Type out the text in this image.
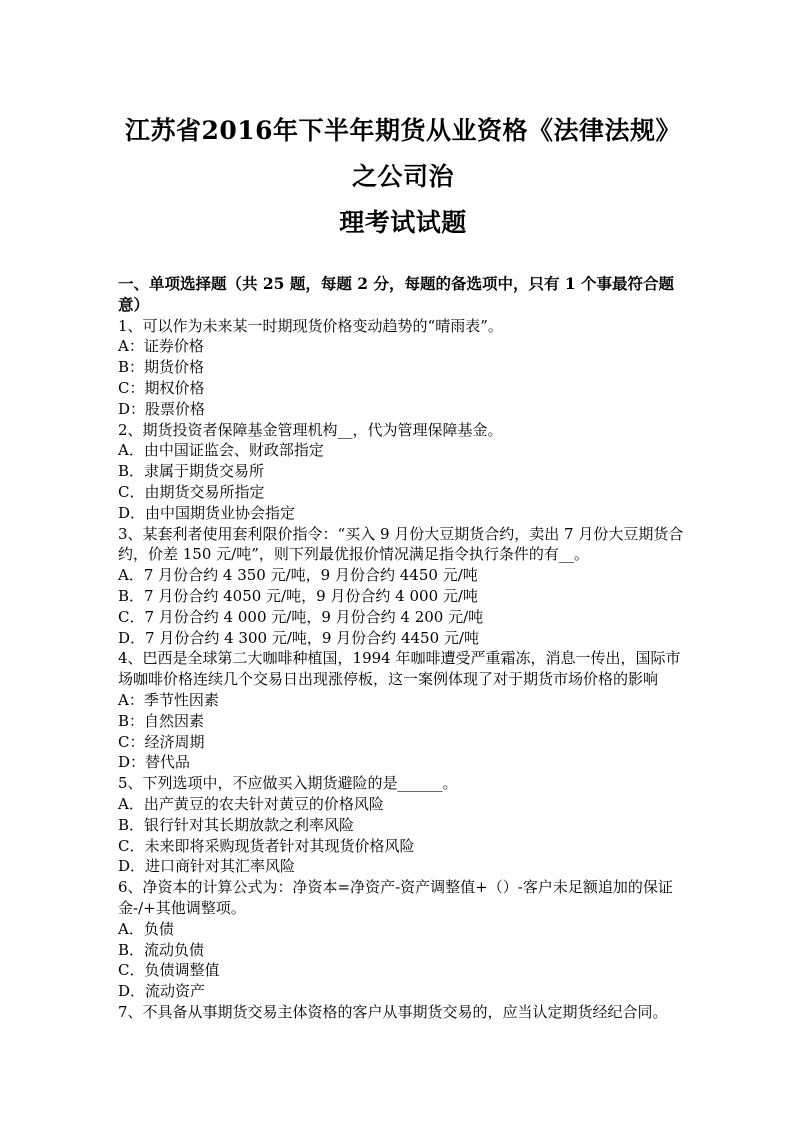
江苏省2016年下半年期货从业资格《法律法规》之公司治
理考试试题
一、单项选择题（共 25 题，每题 2 分，每题的备选项中，只有 1 个事最符合题意）
1、可以作为未来某一时期现货价格变动趋势的“晴雨表”。
A：证券价格
B：期货价格
C：期权价格
D：股票价格
2、期货投资者保障基金管理机构__，代为管理保障基金。
A．由中国证监会、财政部指定
B．隶属于期货交易所
C．由期货交易所指定
D．由中国期货业协会指定
3、某套利者使用套利限价指令：“买入 9 月份大豆期货合约，卖出 7 月份大豆期货合约，价差 150 元/吨”，则下列最优报价情况满足指令执行条件的有__。
A．7 月份合约 4 350 元/吨，9 月份合约 4450 元/吨
B．7 月份合约 4050 元/吨，9 月份合约 4 000 元/吨
C．7 月份合约 4 000 元/吨，9 月份合约 4 200 元/吨
D．7 月份合约 4 300 元/吨，9 月份合约 4450 元/吨
4、巴西是全球第二大咖啡种植国，1994 年咖啡遭受严重霜冻，消息一传出，国际市场咖啡价格连续几个交易日出现涨停板，这一案例体现了对于期货市场价格的影响
A：季节性因素
B：自然因素
C：经济周期
D：替代品
5、下列选项中，不应做买入期货避险的是______。
A．出产黄豆的农夫针对黄豆的价格风险
B．银行针对其长期放款之利率风险
C．未来即将采购现货者针对其现货价格风险
D．进口商针对其汇率风险
6、净资本的计算公式为：净资本=净资产-资产调整值+（）-客户未足额追加的保证金-/+其他调整项。
A．负债
B．流动负债
C．负债调整值
D．流动资产
7、不具备从事期货交易主体资格的客户从事期货交易的，应当认定期货经纪合同。
